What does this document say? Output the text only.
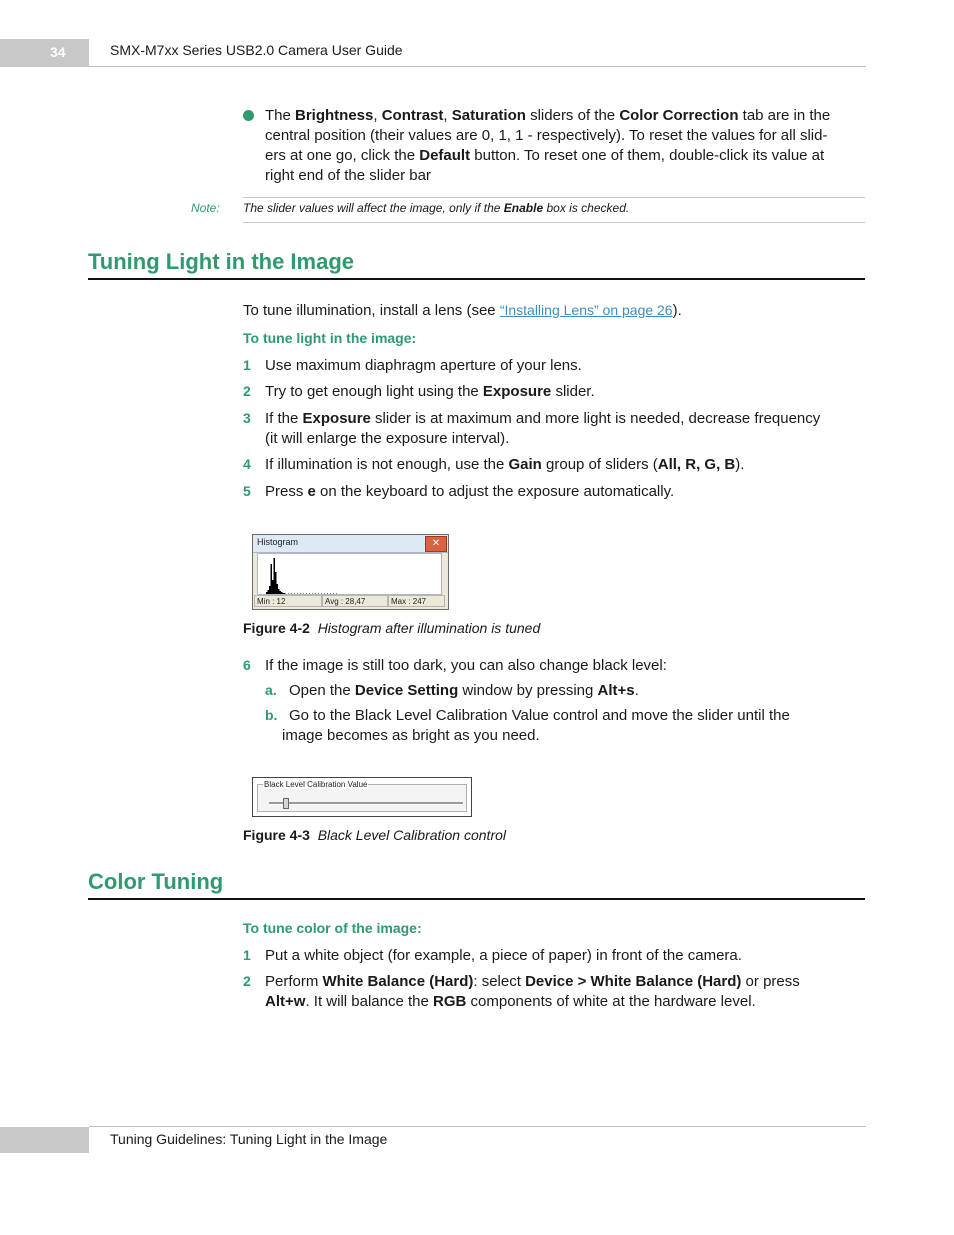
34	SMX-M7xx Series USB2.0 Camera User Guide
The Brightness, Contrast, Saturation sliders of the Color Correction tab are in the
central position (their values are 0, 1, 1 - respectively). To reset the values for all slid-
ers at one go, click the Default button. To reset one of them, double-click its value at
right end of the slider bar
Note: The slider values will affect the image, only if the Enable box is checked.
Tuning Light in the Image
To tune illumination, install a lens (see “Installing Lens” on page 26).
To tune light in the image:
1 Use maximum diaphragm aperture of your lens.
2 Try to get enough light using the Exposure slider.
3 If the Exposure slider is at maximum and more light is needed, decrease frequency
(it will enlarge the exposure interval).
4 If illumination is not enough, use the Gain group of sliders (All, R, G, B).
5 Press e on the keyboard to adjust the exposure automatically.
Histogram	✕
Min : 12	Avg : 28,47	Max : 247
Figure 4-2 Histogram after illumination is tuned
6 If the image is still too dark, you can also change black level:
a. Open the Device Setting window by pressing Alt+s.
b. Go to the Black Level Calibration Value control and move the slider until the
image becomes as bright as you need.
Black Level Calibration Value
Figure 4-3 Black Level Calibration control
Color Tuning
To tune color of the image:
1 Put a white object (for example, a piece of paper) in front of the camera.
2 Perform White Balance (Hard): select Device > White Balance (Hard) or press
Alt+w. It will balance the RGB components of white at the hardware level.
Tuning Guidelines: Tuning Light in the Image
